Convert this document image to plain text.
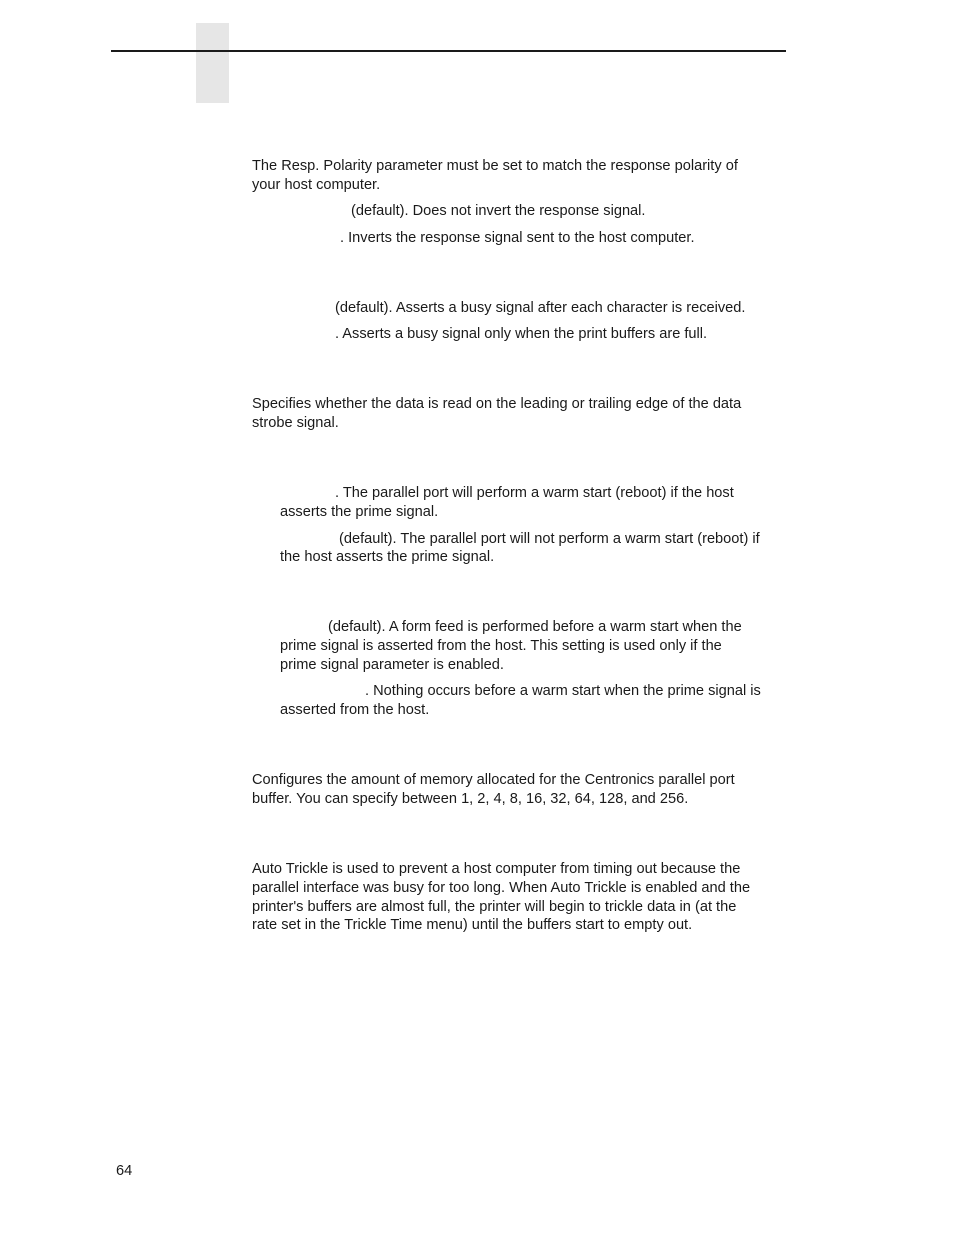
The Resp. Polarity parameter must be set to match the response polarity of

your host computer.

(default). Does not invert the response signal.

. Inverts the response signal sent to the host computer.

(default). Asserts a busy signal after each character is received.

. Asserts a busy signal only when the print buffers are full.

Specifies whether the data is read on the leading or trailing edge of the data

strobe signal.

. The parallel port will perform a warm start (reboot) if the host

asserts the prime signal.

(default). The parallel port will not perform a warm start (reboot) if

the host asserts the prime signal.

(default). A form feed is performed before a warm start when the

prime signal is asserted from the host. This setting is used only if the

prime signal parameter is enabled.

. Nothing occurs before a warm start when the prime signal is

asserted from the host.

Configures the amount of memory allocated for the Centronics parallel port

buffer. You can specify between 1, 2, 4, 8, 16, 32, 64, 128, and 256.

Auto Trickle is used to prevent a host computer from timing out because the

parallel interface was busy for too long. When Auto Trickle is enabled and the

printer's buffers are almost full, the printer will begin to trickle data in (at the

rate set in the Trickle Time menu) until the buffers start to empty out.

64
